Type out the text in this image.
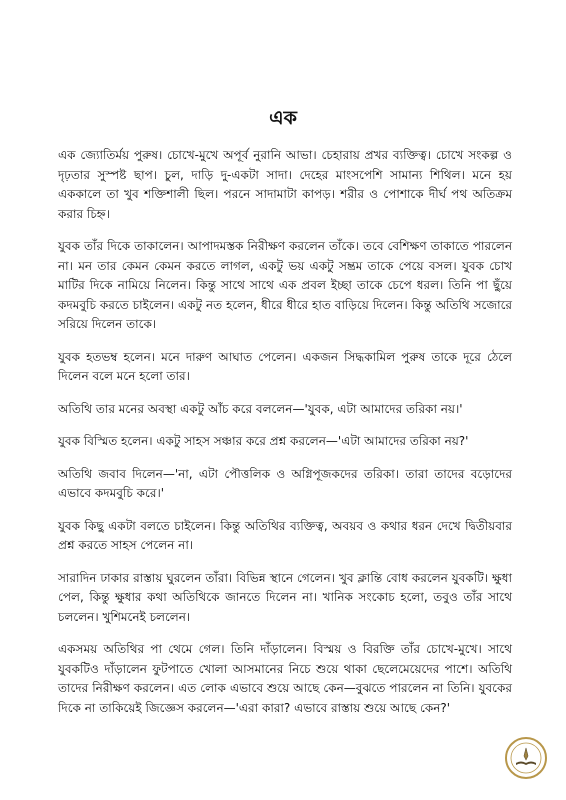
এক

এক জ্যোতির্ময় পুরুষ। চোখে-মুখে অপূর্ব নুরানি আভা। চেহারায় প্রখর ব্যক্তিত্ব। চোখে সংকল্প ও দৃঢ়তার সুস্পষ্ট ছাপ। চুল, দাড়ি দু-একটা সাদা। দেহের মাংসপেশি সামান্য শিথিল। মনে হয় এককালে তা খুব শক্তিশালী ছিল। পরনে সাদামাটা কাপড়। শরীর ও পোশাকে দীর্ঘ পথ অতিক্রম করার চিহ্ন।

যুবক তাঁর দিকে তাকালেন। আপাদমস্তক নিরীক্ষণ করলেন তাঁকে। তবে বেশিক্ষণ তাকাতে পারলেন না। মন তার কেমন কেমন করতে লাগল, একটু ভয় একটু সম্ভ্রম তাকে পেয়ে বসল। যুবক চোখ মাটির দিকে নামিয়ে নিলেন। কিন্তু সাথে সাথে এক প্রবল ইচ্ছা তাকে চেপে ধরল। তিনি পা ছুঁয়ে কদমবুচি করতে চাইলেন। একটু নত হলেন, ধীরে ধীরে হাত বাড়িয়ে দিলেন। কিন্তু অতিথি সজোরে সরিয়ে দিলেন তাকে।

যুবক হতভম্ব হলেন। মনে দারুণ আঘাত পেলেন। একজন সিদ্ধকামিল পুরুষ তাকে দূরে ঠেলে দিলেন বলে মনে হলো তার।

অতিথি তার মনের অবস্থা একটু আঁচ করে বললেন—'যুবক, এটা আমাদের তরিকা নয়।'

যুবক বিস্মিত হলেন। একটু সাহস সঞ্চার করে প্রশ্ন করলেন—'এটা আমাদের তরিকা নয়?'

অতিথি জবাব দিলেন—'না, এটা পৌত্তলিক ও অগ্নিপূজকদের তরিকা। তারা তাদের বড়োদের এভাবে কদমবুচি করে।'

যুবক কিছু একটা বলতে চাইলেন। কিন্তু অতিথির ব্যক্তিত্ব, অবয়ব ও কথার ধরন দেখে দ্বিতীয়বার প্রশ্ন করতে সাহস পেলেন না।

সারাদিন ঢাকার রাস্তায় ঘুরলেন তাঁরা। বিভিন্ন স্থানে গেলেন। খুব ক্লান্তি বোধ করলেন যুবকটি। ক্ষুধা পেল, কিন্তু ক্ষুধার কথা অতিথিকে জানতে দিলেন না। খানিক সংকোচ হলো, তবুও তাঁর সাথে চললেন। খুশিমনেই চললেন।

একসময় অতিথির পা থেমে গেল। তিনি দাঁড়ালেন। বিস্ময় ও বিরক্তি তাঁর চোখে-মুখে। সাথে যুবকটিও দাঁড়ালেন ফুটপাতে খোলা আসমানের নিচে শুয়ে থাকা ছেলেমেয়েদের পাশে। অতিথি তাদের নিরীক্ষণ করলেন। এত লোক এভাবে শুয়ে আছে কেন—বুঝতে পারলেন না তিনি। যুবকের দিকে না তাকিয়েই জিজ্ঞেস করলেন—'এরা কারা? এভাবে রাস্তায় শুয়ে আছে কেন?'
